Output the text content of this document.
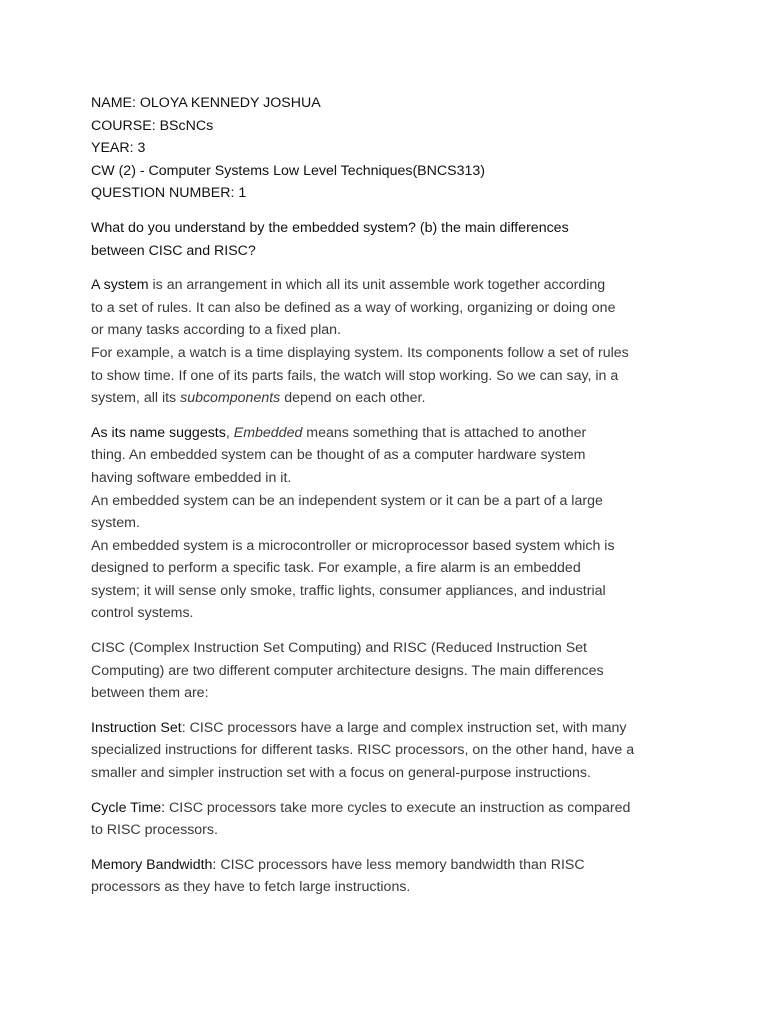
NAME: OLOYA KENNEDY JOSHUA

COURSE: BScNCs

YEAR: 3

CW (2) - Computer Systems Low Level Techniques(BNCS313)

QUESTION NUMBER: 1

What do you understand by the embedded system? (b) the main differences
between CISC and RISC?
A system is an arrangement in which all its unit assemble work together according
to a set of rules. It can also be defined as a way of working, organizing or doing one
or many tasks according to a fixed plan.
For example, a watch is a time displaying system. Its components follow a set of rules
to show time. If one of its parts fails, the watch will stop working. So we can say, in a
system, all its subcomponents depend on each other.
As its name suggests, Embedded means something that is attached to another
thing. An embedded system can be thought of as a computer hardware system
having software embedded in it.
An embedded system can be an independent system or it can be a part of a large
system.
An embedded system is a microcontroller or microprocessor based system which is
designed to perform a specific task. For example, a fire alarm is an embedded
system; it will sense only smoke, traffic lights, consumer appliances, and industrial
control systems.
CISC (Complex Instruction Set Computing) and RISC (Reduced Instruction Set
Computing) are two different computer architecture designs. The main differences
between them are:
Instruction Set: CISC processors have a large and complex instruction set, with many
specialized instructions for different tasks. RISC processors, on the other hand, have a
smaller and simpler instruction set with a focus on general-purpose instructions.
Cycle Time: CISC processors take more cycles to execute an instruction as compared
to RISC processors.
Memory Bandwidth: CISC processors have less memory bandwidth than RISC
processors as they have to fetch large instructions.
